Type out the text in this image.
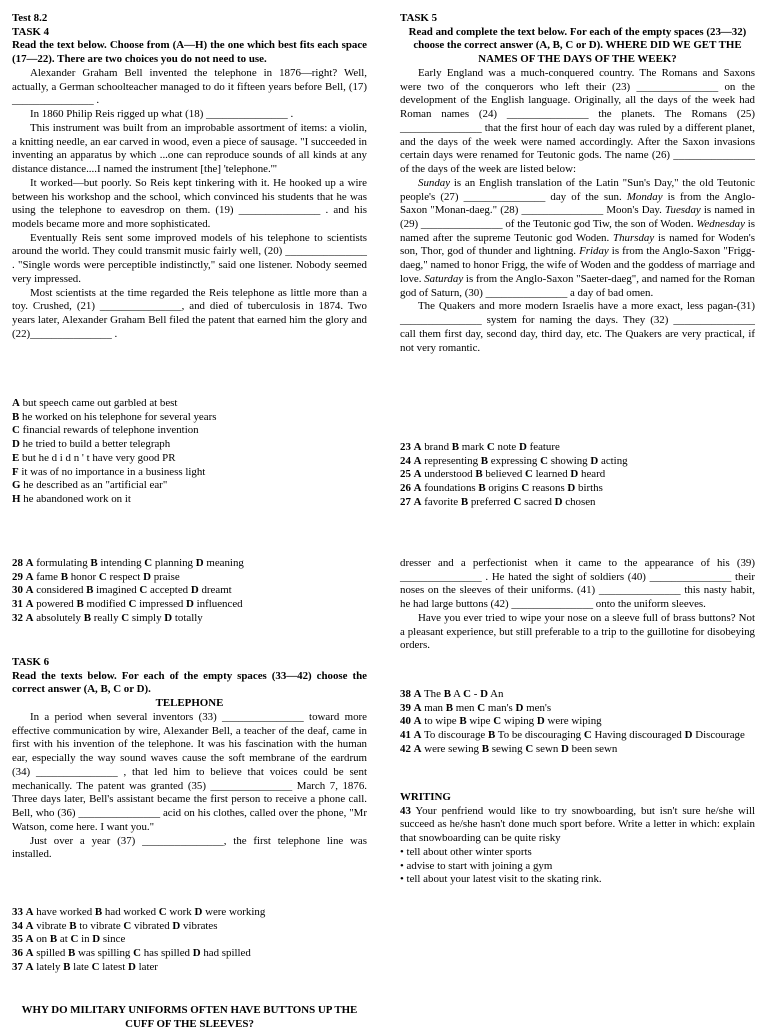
Test 8.2

TASK 4

Read the text below. Choose from (A—H) the one which best fits each space (17—22). There are two choices you do not need to use.

Alexander Graham Bell invented the telephone in 1876—right? Well, actually, a German schoolteacher managed to do it fifteen years before Bell, (17) _______________ .

In 1860 Philip Reis rigged up what (18) _______________ .

This instrument was built from an improbable assortment of items: a violin, a knitting needle, an ear carved in wood, even a piece of sausage. "I succeeded in inventing an apparatus by which ...one can reproduce sounds of all kinds at any distance distance....I named the instrument [the] 'telephone.'"

It worked—but poorly. So Reis kept tinkering with it. He hooked up a wire between his workshop and the school, which convinced his students that he was using the telephone to eavesdrop on them. (19) _______________ . and his models became more and more sophisticated.

Eventually Reis sent some improved models of his telephone to scientists around the world. They could transmit music fairly well, (20) _______________ . "Single words were perceptible indistinctly," said one listener. Nobody seemed very impressed.

Most scientists at the time regarded the Reis telephone as little more than a toy. Crushed, (21) _______________, and died of tuberculosis in 1874. Two years later, Alexander Graham Bell filed the patent that earned him the glory and (22)_______________ .

A but speech came out garbled at best
B he worked on his telephone for several years
C financial rewards of telephone invention
D he tried to build a better telegraph
E but he d i d n ' t have very good PR
F it was of no importance in a business light
G he described as an "artificial ear"
H he abandoned work on it
28 A formulating B intending C planning D meaning
29 A fame B honor C respect D praise
30 A considered B imagined C accepted D dreamt
31 A powered B modified C impressed D influenced
32 A absolutely B really C simply D totally

TASK 6

Read the texts below. For each of the empty spaces (33—42) choose the correct answer (A, B, C or D).

TELEPHONE

In a period when several inventors (33) _______________ toward more effective communication by wire, Alexander Bell, a teacher of the deaf, came in first with his invention of the telephone. It was his fascination with the human ear, especially the way sound waves cause the soft membrane of the eardrum (34) _______________ , that led him to believe that voices could be sent mechanically. The patent was granted (35) _______________ March 7, 1876. Three days later, Bell's assistant became the first person to receive a phone call. Bell, who (36) _______________ acid on his clothes, called over the phone, "Mr Watson, come here. I want you."

Just over a year (37) _______________, the first telephone line was installed.

33 A have worked B had worked C work D were working
34 A vibrate B to vibrate C vibrated D vibrates
35 A on B at C in D since
36 A spilled B was spilling C has spilled D had spilled
37 A lately B late C latest D later

WHY DO MILITARY UNIFORMS OFTEN HAVE BUTTONS UP THE CUFF OF THE SLEEVES?

TASK 5

Read and complete the text below. For each of the empty spaces (23—32) choose the correct answer (A, B, C or D). WHERE DID WE GET THE NAMES OF THE DAYS OF THE WEEK?

Early England was a much-conquered country. The Romans and Saxons were two of the conquerors who left their (23) _______________ on the development of the English language. Originally, all the days of the week had Roman names (24) _______________ the planets. The Romans (25) _______________ that the first hour of each day was ruled by a different planet, and the days of the week were named accordingly. After the Saxon invasions certain days were renamed for Teutonic gods. The name (26) _______________ of the days of the week are listed below:

Sunday is an English translation of the Latin "Sun's Day," the old Teutonic people's (27) _______________ day of the sun. Monday is from the Anglo-Saxon "Monan-daeg." (28) _______________ Moon's Day. Tuesday is named in (29) _______________ of the Teutonic god Tiw, the son of Woden. Wednesday is named after the supreme Teutonic god Woden. Thursday is named for Woden's son, Thor, god of thunder and lightning. Friday is from the Anglo-Saxon "Frigg-daeg," named to honor Frigg, the wife of Woden and the goddess of marriage and love. Saturday is from the Anglo-Saxon "Saeter-daeg", and named for the Roman god of Saturn, (30) _______________ a day of bad omen.

The Quakers and more modern Israelis have a more exact, less pagan-(31) _______________ system for naming the days. They (32) _______________ call them first day, second day, third day, etc. The Quakers are very practical, if not very romantic.

23 A brand B mark C note D feature
24 A representing B expressing C showing D acting
25 A understood B believed C learned D heard
26 A foundations B origins C reasons D births
27 A favorite B preferred C sacred D chosen

dresser and a perfectionist when it came to the appearance of his (39) _______________ . He hated the sight of soldiers (40) _______________ their noses on the sleeves of their uniforms. (41) _______________ this nasty habit, he had large buttons (42) _______________ onto the uniform sleeves.

Have you ever tried to wipe your nose on a sleeve full of brass buttons? Not a pleasant experience, but still preferable to a trip to the guillotine for disobeying orders.

38 A The B A C - D An
39 A man B men C man's D men's
40 A to wipe B wipe C wiping D were wiping
41 A To discourage B To be discouraging C Having discouraged D Discourage
42 A were sewing B sewing C sewn D been sewn

WRITING

43 Your penfriend would like to try snowboarding, but isn't sure he/she will succeed as he/she hasn't done much sport before. Write a letter in which: explain that snowboarding can be quite risky

• tell about other winter sports

• advise to start with joining a gym

• tell about your latest visit to the skating rink.
